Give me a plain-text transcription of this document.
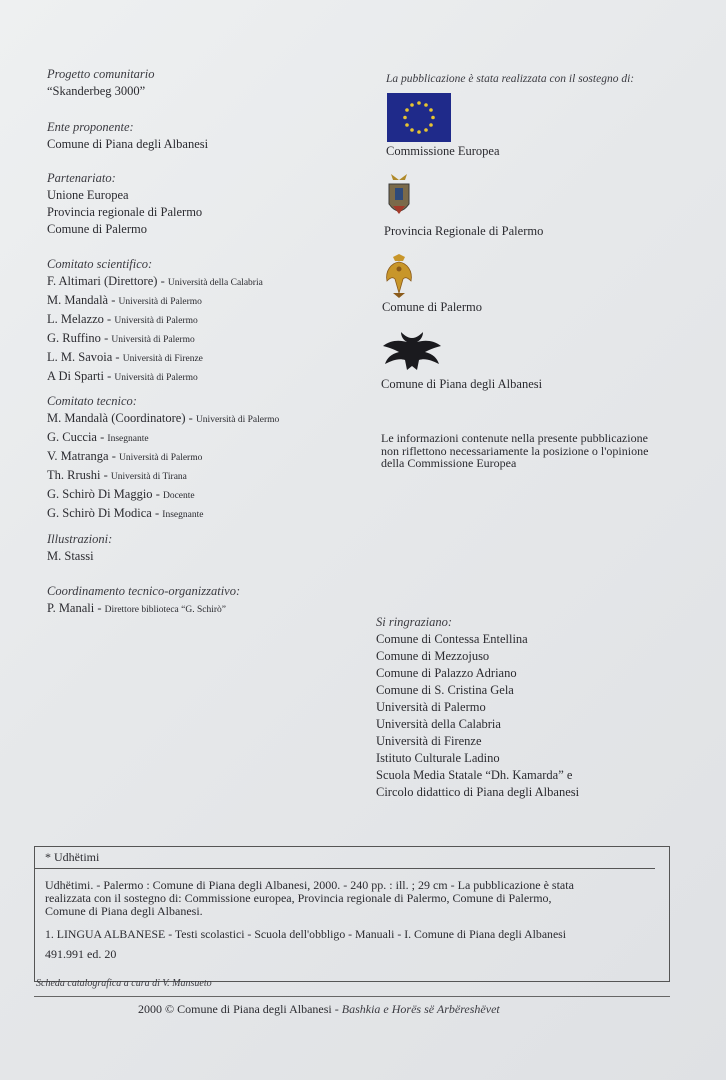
Progetto comunitario
“Skanderbeg 3000”
Ente proponente:
Comune di Piana degli Albanesi
Partenariato:
Unione Europea
Provincia regionale di Palermo
Comune di Palermo
Comitato scientifico:
F. Altimari (Direttore) - Università della Calabria
M. Mandalà - Università di Palermo
L. Melazzo - Università di Palermo
G. Ruffino - Università di Palermo
L. M. Savoia - Università di Firenze
A Di Sparti - Università di Palermo
Comitato tecnico:
M. Mandalà (Coordinatore) - Università di Palermo
G. Cuccia - Insegnante
V. Matranga - Università di Palermo
Th. Rrushi - Università di Tirana
G. Schirò Di Maggio - Docente
G. Schirò Di Modica - Insegnante
Illustrazioni:
M. Stassi
Coordinamento tecnico-organizzativo:
P. Manali - Direttore biblioteca “G. Schirò”
La pubblicazione è stata realizzata con il sostegno di:
Commissione Europea
Provincia Regionale di Palermo
Comune di Palermo
Comune di Piana degli Albanesi
Le informazioni contenute nella presente pubblicazione
non riflettono necessariamente la posizione o l'opinione
della Commissione Europea
Si ringraziano:
Comune di Contessa Entellina
Comune di Mezzojuso
Comune di Palazzo Adriano
Comune di S. Cristina Gela
Università di Palermo
Università della Calabria
Università di Firenze
Istituto Culturale Ladino
Scuola Media Statale “Dh. Kamarda” e
Circolo didattico di Piana degli Albanesi
* Udhëtimi

Udhëtimi. - Palermo : Comune di Piana degli Albanesi, 2000. - 240 pp. : ill. ; 29 cm - La pubblicazione è stata

realizzata con il sostegno di: Commissione europea, Provincia regionale di Palermo, Comune di Palermo,

Comune di Piana degli Albanesi.

1. LINGUA ALBANESE - Testi scolastici - Scuola dell'obbligo - Manuali - I. Comune di Piana degli Albanesi

491.991 ed. 20

Scheda catalografica a cura di V. Mansueto
2000 © Comune di Piana degli Albanesi - Bashkia e Horës së Arbëreshëvet
